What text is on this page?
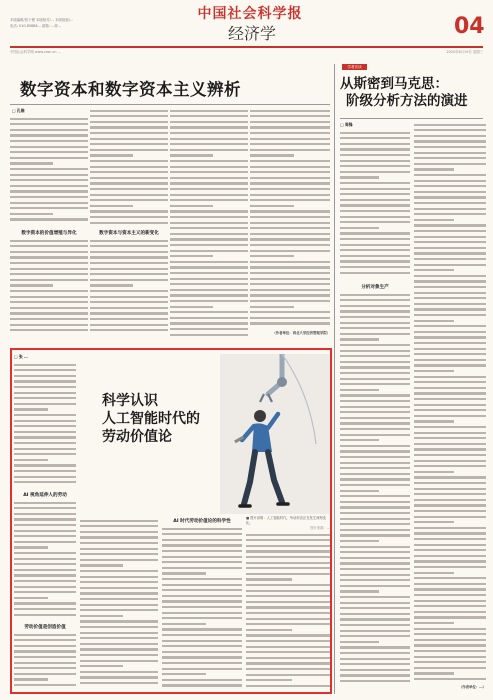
本版编辑/张子俊 本版校对/… 本版组版/…
电话: 010-85886… 邮箱: …@…
中国社会科学报
经济学	04
中国社会科学网 www.cssn.cn …	2020年8月19日 星期三
学者访谈
数字资本和数字资本主义辨析
□ 孔维
数字资本的价值增殖与异化	数字资本与资本主义的新变化
（作者单位：西北大学经济管理学院）
从斯密到马克思：
阶级分析方法的演进
□ 周锋
分析对象生产
（作者单位：…）
□ 张 …
AI 视角延伸人的劳动
劳动价值是创造价值
科学认识
人工智能时代的
劳动价值论
AI 时代劳动价值论的科学性
■ 图片说明：人工智能时代，劳动形态正在发生深刻变化。
图片来源：…
